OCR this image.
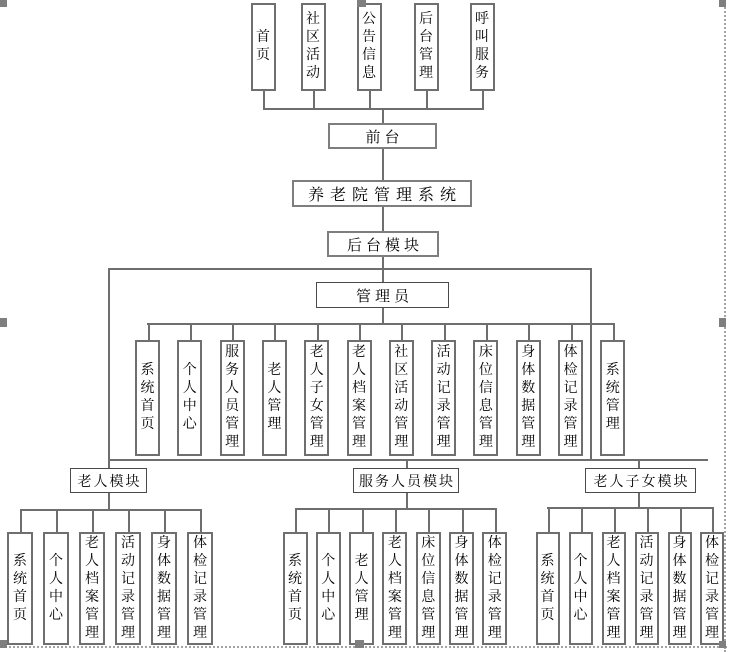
前台
养老院管理系统
后台模块
管理员
首
页
社
区
活
动
公
告
信
息
后
台
管
理
呼
叫
服
务
系
统
首
页
个
人
中
心
服
务
人
员
管
理
老
人
管
理
老
人
子
女
管
理
老
人
档
案
管
理
社
区
活
动
管
理
活
动
记
录
管
理
床
位
信
息
管
理
身
体
数
据
管
理
体
检
记
录
管
理
系
统
管
理
老人模块
系
统
首
页
个
人
中
心
老
人
档
案
管
理
活
动
记
录
管
理
身
体
数
据
管
理
体
检
记
录
管
理
服务人员模块
系
统
首
页
个
人
中
心
老
人
管
理
老
人
档
案
管
理
床
位
信
息
管
理
身
体
数
据
管
理
体
检
记
录
管
理
老人子女模块
系
统
首
页
个
人
中
心
老
人
档
案
管
理
活
动
记
录
管
理
身
体
数
据
管
理
体
检
记
录
管
理
